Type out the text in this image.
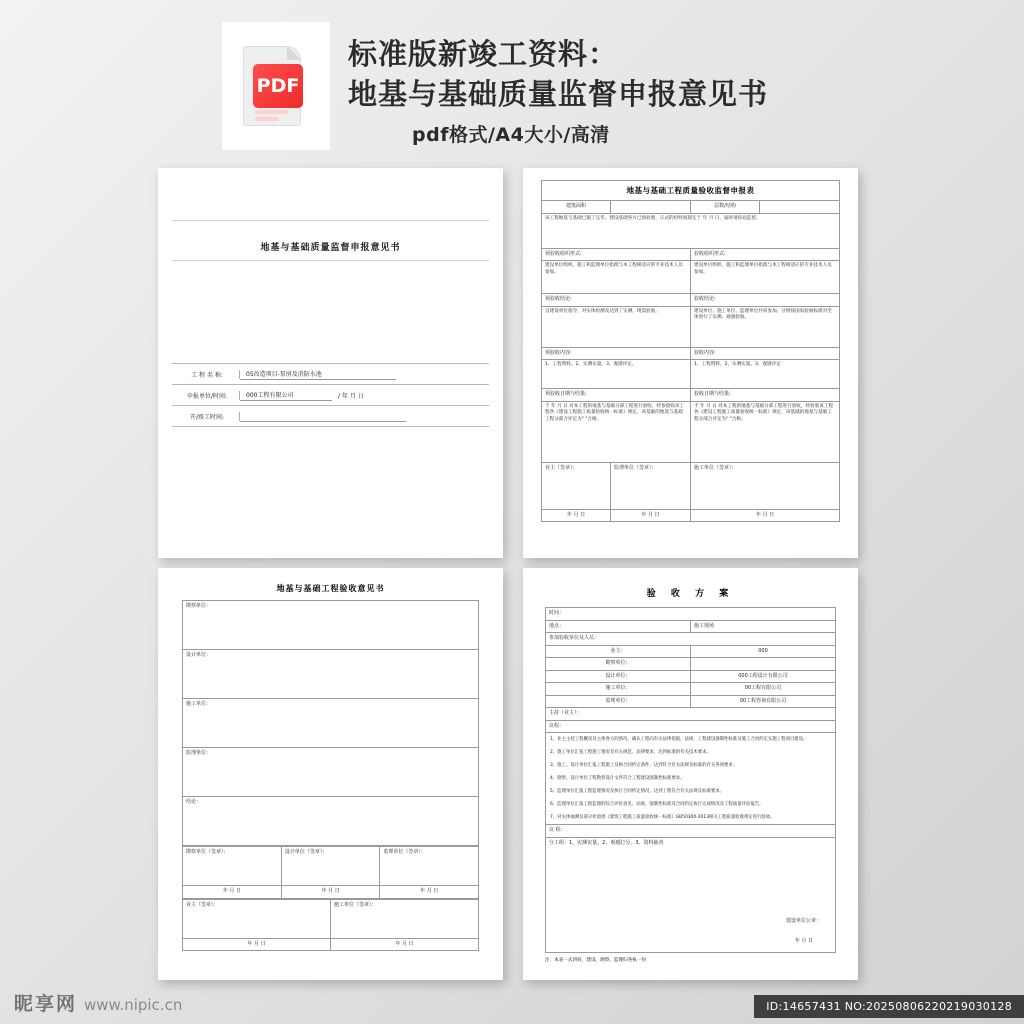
PDF
标准版新竣工资料：
地基与基础质量监督申报意见书
pdf格式/A4大小/高清
地基与基础质量监督申报意见书
工 程 名 称:	05改造项目-泵房及消防水池
申报单位/时间:	000工程有限公司	/ 年 月 日
开/竣工时间:
地基与基础工程质量验收监督申报表
建筑面积		层数/结构	
该工程地基与基础已施工完毕，建设基础各方已预验收，正式的检时间现定于 年 月 日，届时请你站监督。			
预验收组织形式:		验收组织形式:	
建设单位组织，施工和监理单位指派与本工程相适应的专业技术人员参加。		建设单位组织，施工和监理单位指派与本工程相适应的专业技术人员参加。	
预验收结论:		验收结论:	
自建设单位指令，对实体检测及达到了实测，现需验收。		建设单位、施工单位、监理单位共同参加，分组按国家验收标准对全体进行了实测、观感验收。	
预验收内容:		验收内容:	
1、工程资料。2、实测实量。3、观感评定。		1、工程资料。2、实测实量。3、观感评定	
预验收日期与结果:		验收日期与结果:	
于 年 月 日 对本工程的地基与基础分部工程进行验收，经参验收该工程各《建设工程施工质量验收统一标准》规定，该基础的地基与基础工程分部合评定为" "合格。		于 年 月 日 对本工程的地基与基础分部工程进行验收，经验收该工程各《建设工程施工质量验收统一标准》规定，该基础的地基与基础工程分部合评定为" "合格。	
业主（签章）：	监理单位（签章）：	施工单位（签章）：	
年 月 日	年 月 日	年 月 日	
地基与基础工程验收意见书
勘察单位：
设计单位：
施工单位：
监理单位：
结论：
勘察单位（签章）：	设计单位（签章）：	监理单位（签章）：
年 月 日	年 月 日	年 月 日
业主（签章）：	施工单位（签章）：
年 月 日	年 月 日
验 收 方 案
时间：	
地点：	施工现场
参加验收单位及人员：	
业主：	000
勘察单位：	
设计单位：	000工程设计有限公司
施工单位：	00工程有限公司
监理单位：	00工程咨询有限公司
主持（业主）：	
议程：	

1、业主主持工程概况及主体各方的情况，确认工程向有关法律依据，法规、工程建设强制性标准及施工合同约定实施工程项目建设。
2、施工单位汇报工程施工情况及有关规范、法律要求，达到标准的有关技术要求。
3、施工、设计单位汇报工程施工及格合同约定条件，达到符合有关法规及标准的有关各项要求。
4、勘察、设计单位工程勘察设计文件符合工程建设强制性标准要求。
5、监理单位汇报工程监理情况及执行合同约定情况，达到工程符合有关法规及标准要求。
6、监理单位汇报工程监理的综合评价意见，法规、强制性标准及合同约定执行完成情况及工程质量评估报告。
7、对实体抽测及部分检验批《建筑工程施工质量验收统一标准》GB50300-2013相关工程质量验收规定进行验收。

议 程：	

分工组：1、实测实量。2、观感打分。3、资料抽查
建设单位公章：
年 月 日	
注：本表一式四份，建设、勘察、监理归各执一份
昵享网 www.nipic.cn	ID:14657431 NO:20250806220219030128
